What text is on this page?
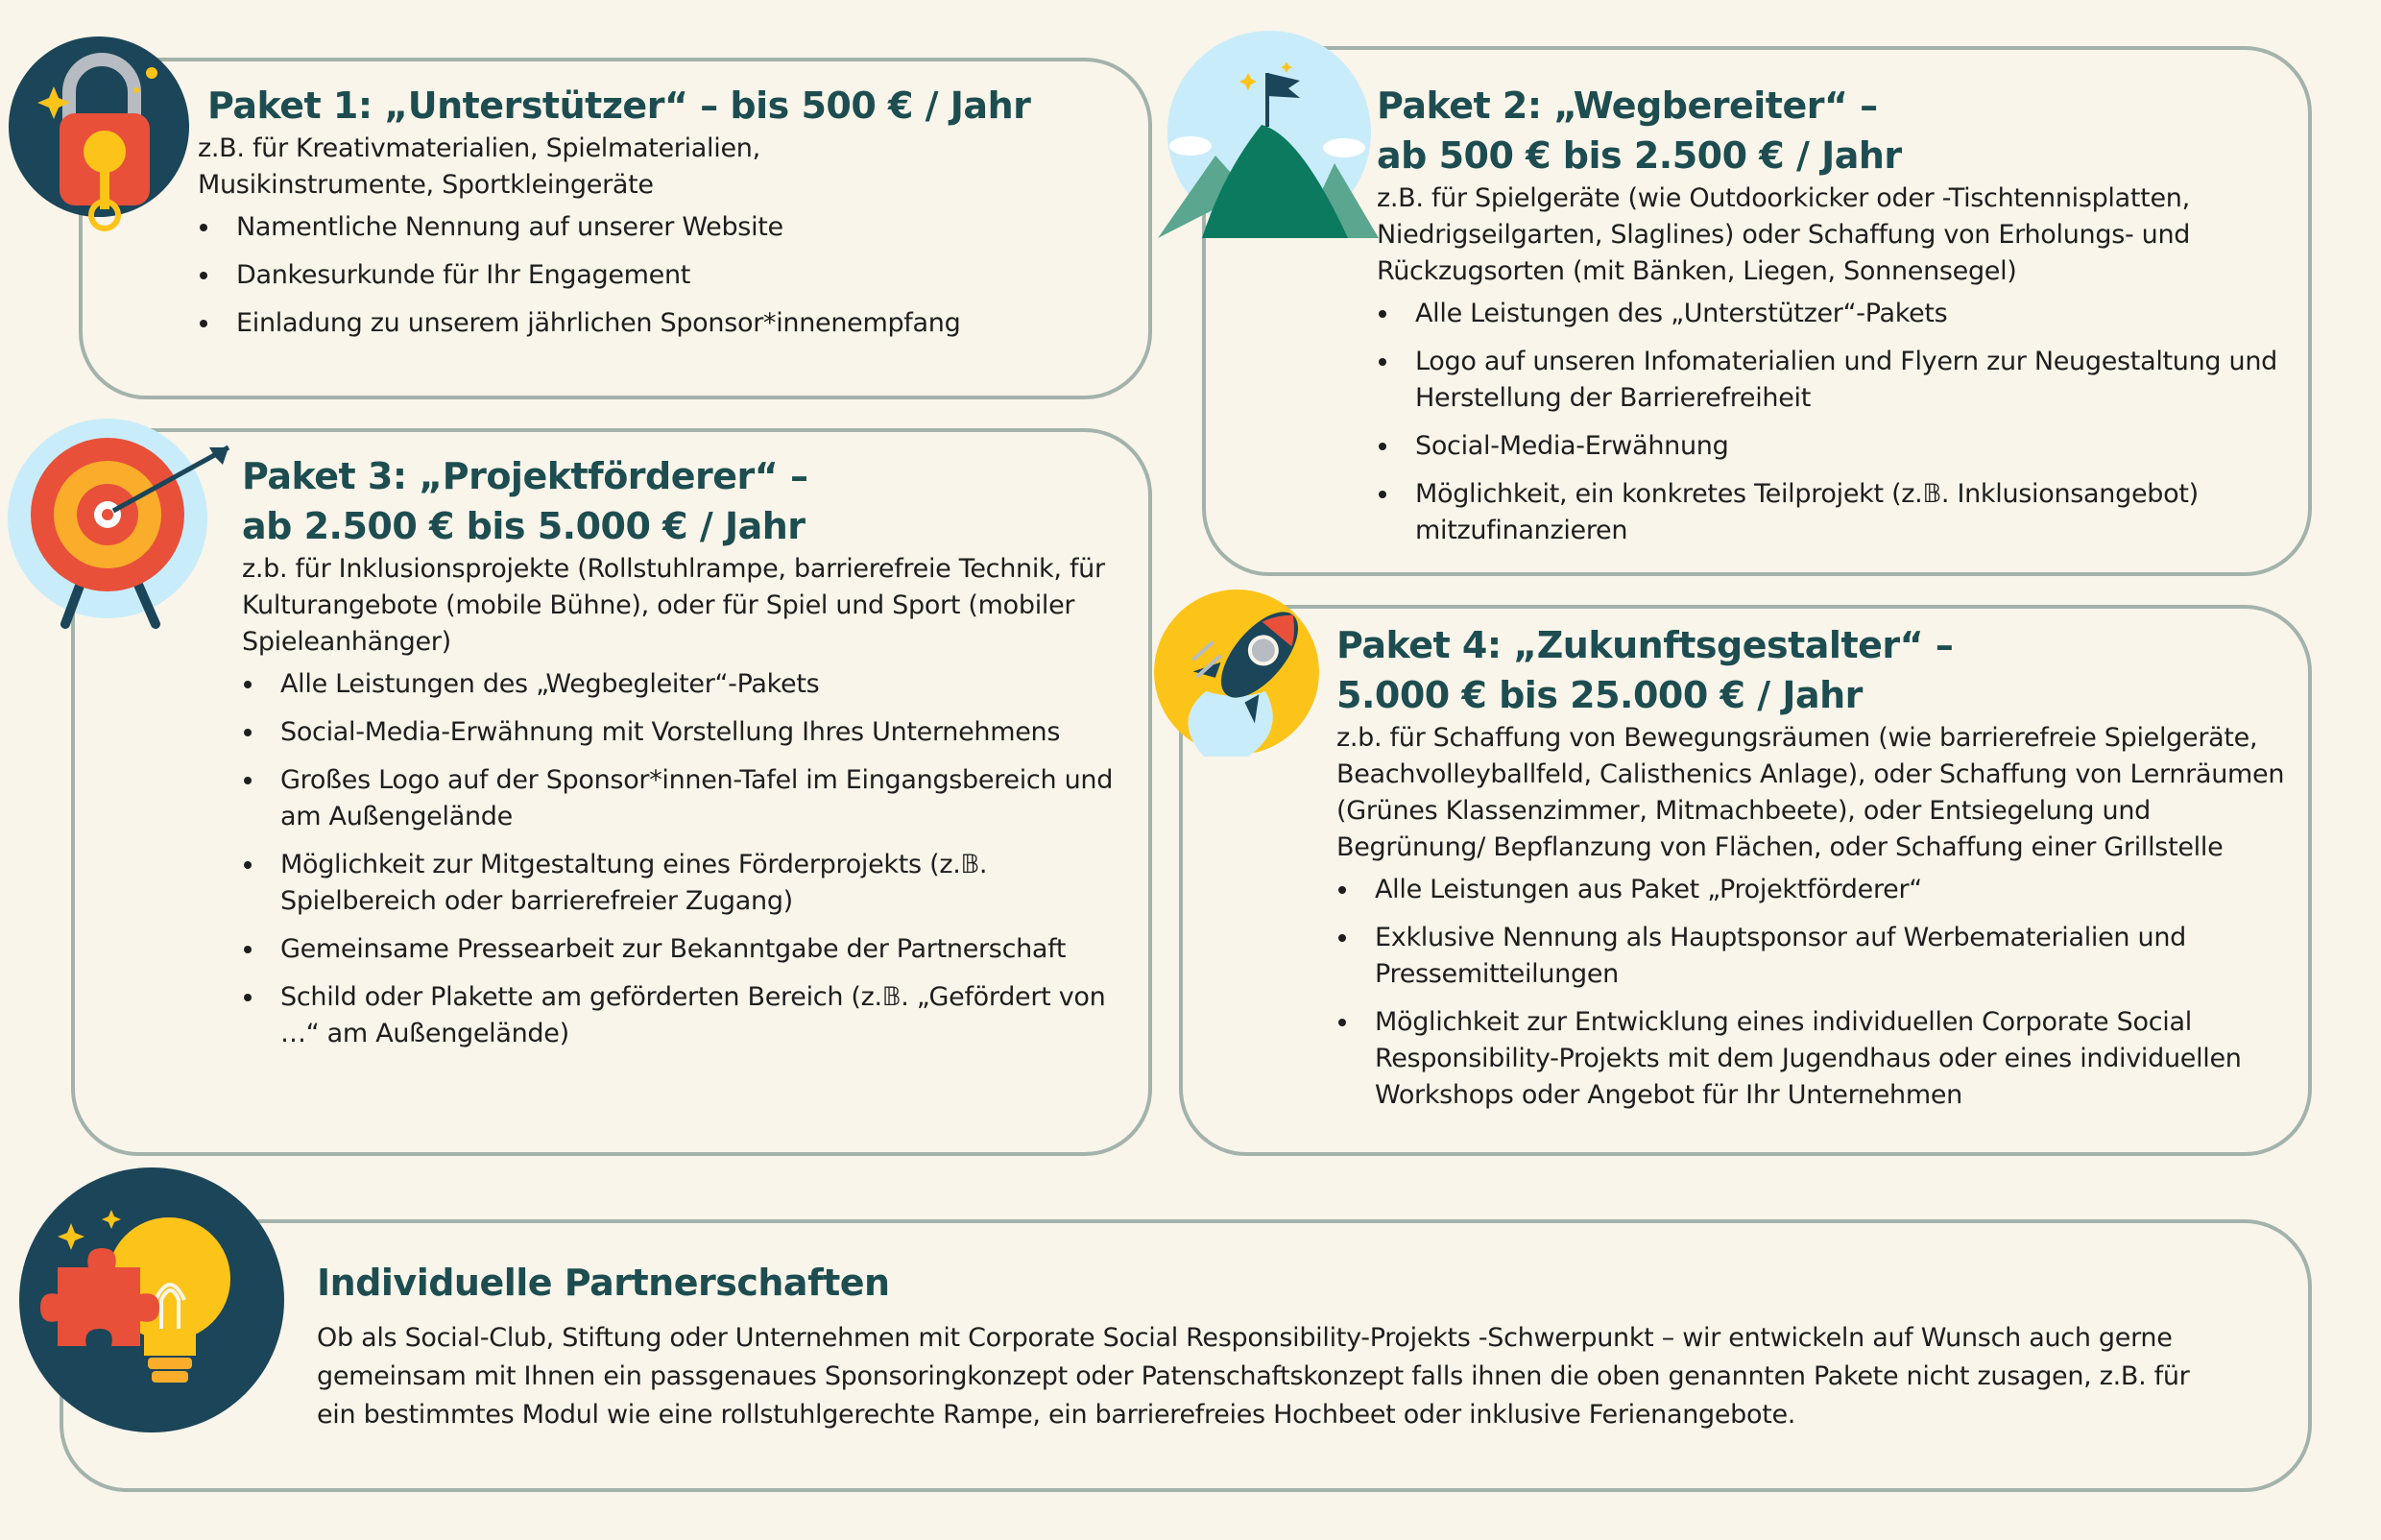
Paket 1: „Unterstützer“ – bis 500 € / Jahr

z.B. für Kreativmaterialien, Spielmaterialien, Musikinstrumente, Sportkleingeräte

Namentliche Nennung auf unserer Website
Dankesurkunde für Ihr Engagement
Einladung zu unserem jährlichen Sponsor*innenempfang
Paket 2: „Wegbereiter“ –
ab 500 € bis 2.500 € / Jahr

z.B. für Spielgeräte (wie Outdoorkicker oder -Tischtennisplatten, Niedrigseilgarten, Slaglines) oder Schaffung von Erholungs- und Rückzugsorten (mit Bänken, Liegen, Sonnensegel)

Alle Leistungen des „Unterstützer“-Pakets
Logo auf unseren Infomaterialien und Flyern zur Neugestaltung und Herstellung der Barrierefreiheit
Social-Media-Erwähnung
Möglichkeit, ein konkretes Teilprojekt (z.𝔹. Inklusionsangebot) mitzufinanzieren
Paket 3: „Projektförderer“ –
ab 2.500 € bis 5.000 € / Jahr

z.b. für Inklusionsprojekte (Rollstuhlrampe, barrierefreie Technik, für Kulturangebote (mobile Bühne), oder für Spiel und Sport (mobiler Spieleanhänger)

Alle Leistungen des „Wegbegleiter“-Pakets
Social-Media-Erwähnung mit Vorstellung Ihres Unternehmens
Großes Logo auf der Sponsor*innen-Tafel im Eingangsbereich und am Außengelände
Möglichkeit zur Mitgestaltung eines Förderprojekts (z.𝔹. Spielbereich oder barrierefreier Zugang)
Gemeinsame Pressearbeit zur Bekanntgabe der Partnerschaft
Schild oder Plakette am geförderten Bereich (z.𝔹. „Gefördert von …“ am Außengelände)
Paket 4: „Zukunftsgestalter“ –
5.000 € bis 25.000 € / Jahr

z.b. für Schaffung von Bewegungsräumen (wie barrierefreie Spielgeräte, Beachvolleyballfeld, Calisthenics Anlage), oder Schaffung von Lernräumen (Grünes Klassenzimmer, Mitmachbeete), oder Entsiegelung und Begrünung/ Bepflanzung von Flächen, oder Schaffung einer Grillstelle

Alle Leistungen aus Paket „Projektförderer“
Exklusive Nennung als Hauptsponsor auf Werbematerialien und Pressemitteilungen
Möglichkeit zur Entwicklung eines individuellen Corporate Social Responsibility-Projekts mit dem Jugendhaus oder eines individuellen Workshops oder Angebot für Ihr Unternehmen
Individuelle Partnerschaften

Ob als Social-Club, Stiftung oder Unternehmen mit Corporate Social Responsibility-Projekts -Schwerpunkt – wir entwickeln auf Wunsch auch gerne gemeinsam mit Ihnen ein passgenaues Sponsoringkonzept oder Patenschaftskonzept falls ihnen die oben genannten Pakete nicht zusagen, z.B. für ein bestimmtes Modul wie eine rollstuhlgerechte Rampe, ein barrierefreies Hochbeet oder inklusive Ferienangebote.
